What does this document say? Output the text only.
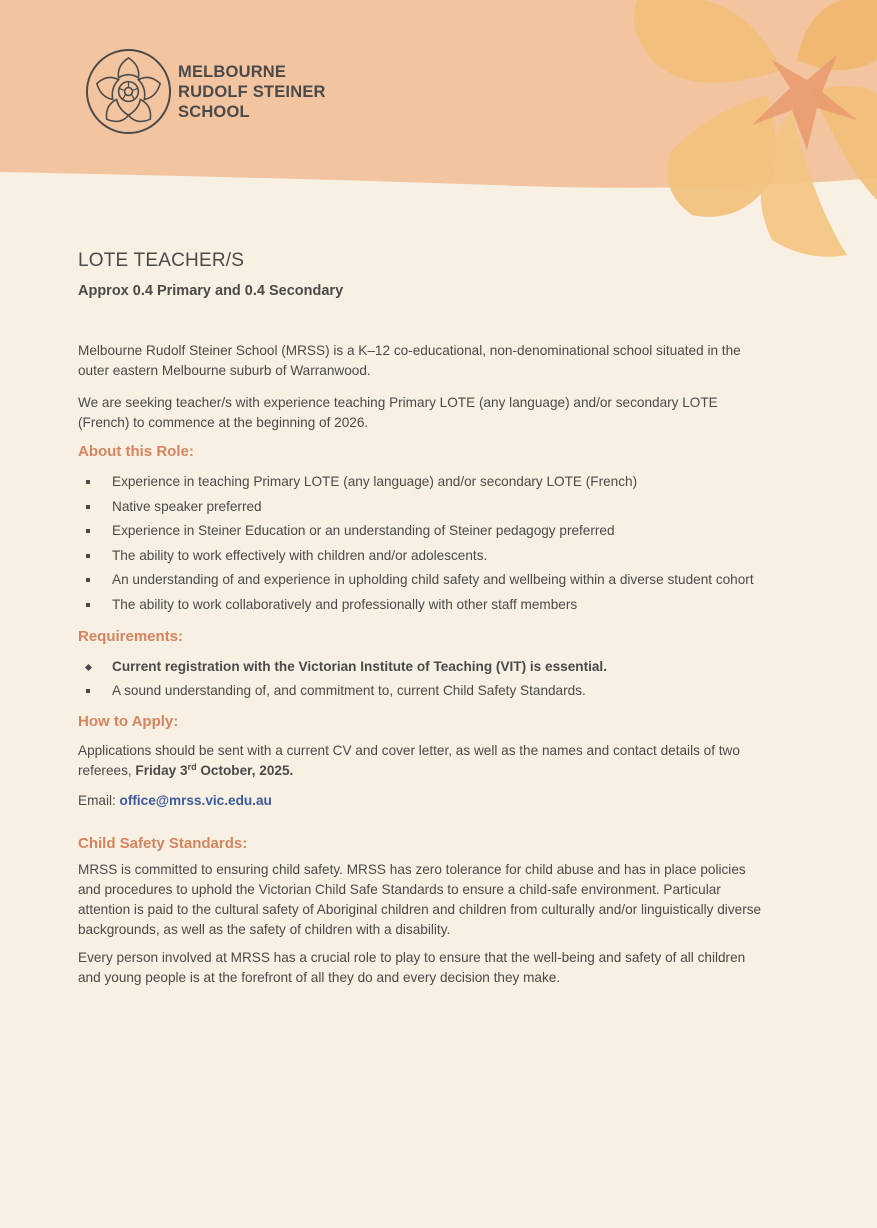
MELBOURNE
RUDOLF STEINER
SCHOOL
LOTE TEACHER/S
Approx 0.4 Primary and 0.4 Secondary

Melbourne Rudolf Steiner School (MRSS) is a K–12 co-educational, non-denominational school situated in the outer eastern Melbourne suburb of Warranwood.

We are seeking teacher/s with experience teaching Primary LOTE (any language) and/or secondary LOTE (French) to commence at the beginning of 2026.

About this Role:
Experience in teaching Primary LOTE (any language) and/or secondary LOTE (French)
Native speaker preferred
Experience in Steiner Education or an understanding of Steiner pedagogy preferred
The ability to work effectively with children and/or adolescents.
An understanding of and experience in upholding child safety and wellbeing within a diverse student cohort
The ability to work collaboratively and professionally with other staff members
Requirements:
Current registration with the Victorian Institute of Teaching (VIT) is essential.
A sound understanding of, and commitment to, current Child Safety Standards.
How to Apply:

Applications should be sent with a current CV and cover letter, as well as the names and contact details of two referees, Friday 3rd October, 2025.

Email: office@mrss.vic.edu.au

Child Safety Standards:

MRSS is committed to ensuring child safety. MRSS has zero tolerance for child abuse and has in place policies and procedures to uphold the Victorian Child Safe Standards to ensure a child-safe environment. Particular attention is paid to the cultural safety of Aboriginal children and children from culturally and/or linguistically diverse backgrounds, as well as the safety of children with a disability.

Every person involved at MRSS has a crucial role to play to ensure that the well-being and safety of all children and young people is at the forefront of all they do and every decision they make.
